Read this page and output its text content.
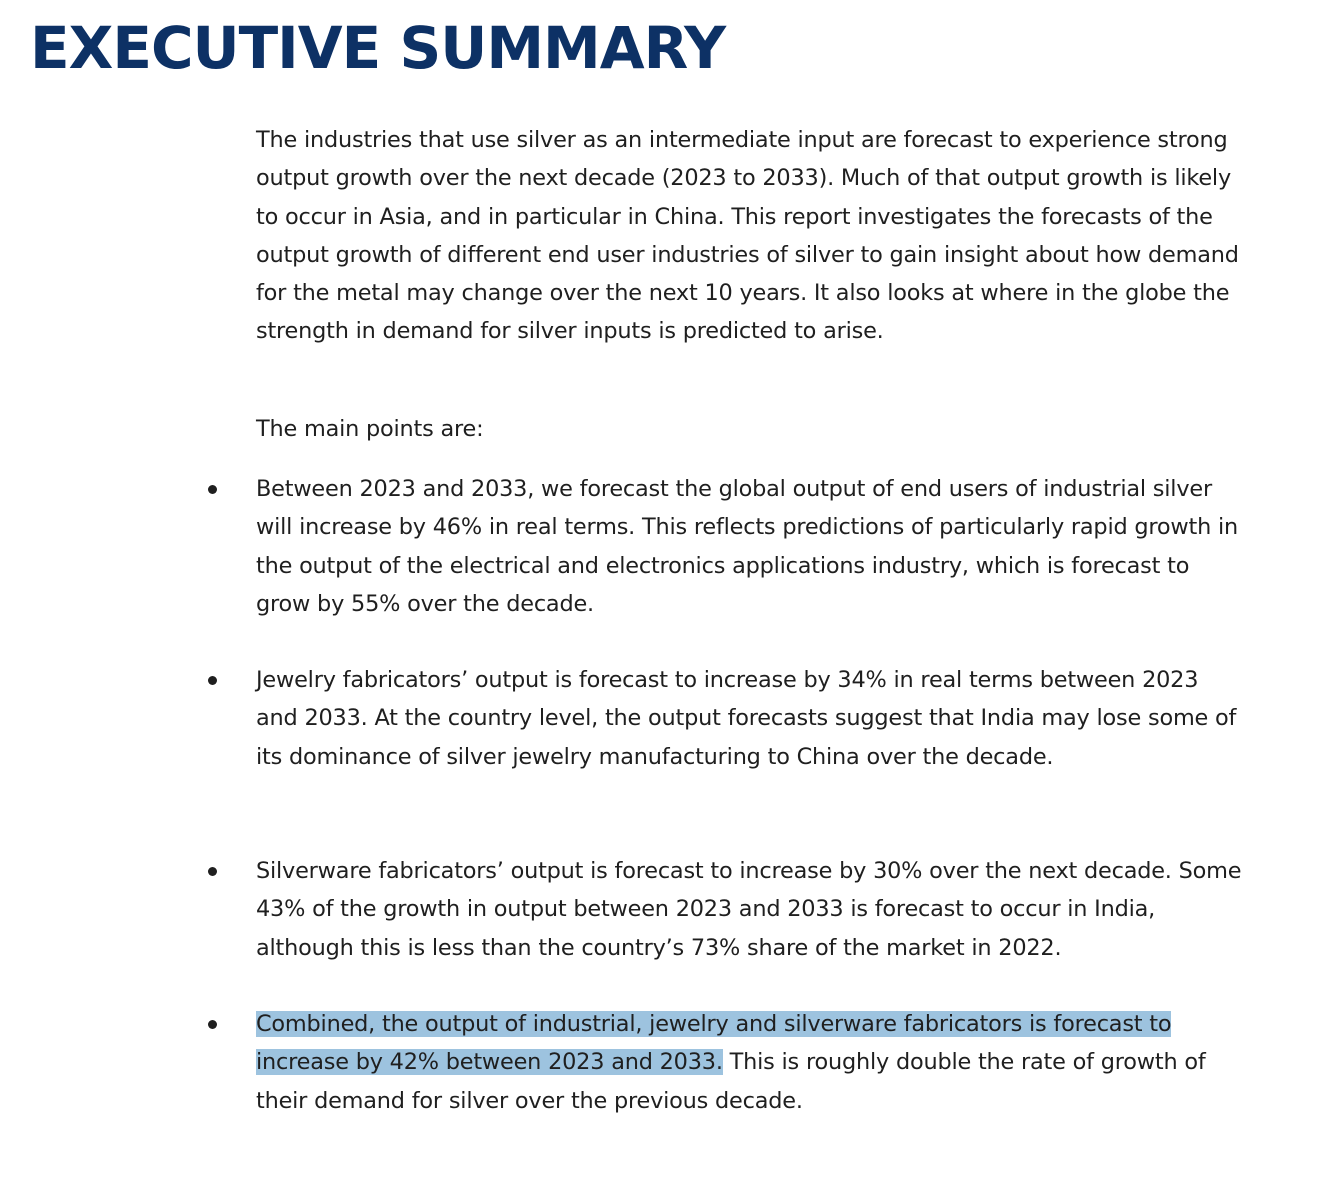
EXECUTIVE SUMMARY

The industries that use silver as an intermediate input are forecast to experience strong output growth over the next decade (2023 to 2033). Much of that output growth is likely to occur in Asia, and in particular in China. This report investigates the forecasts of the output growth of different end user industries of silver to gain insight about how demand for the metal may change over the next 10 years. It also looks at where in the globe the strength in demand for silver inputs is predicted to arise.

The main points are:

Between 2023 and 2033, we forecast the global output of end users of industrial silver will increase by 46% in real terms. This reflects predictions of particularly rapid growth in the output of the electrical and electronics applications industry, which is forecast to grow by 55% over the decade.

Jewelry fabricators’ output is forecast to increase by 34% in real terms between 2023 and 2033. At the country level, the output forecasts suggest that India may lose some of its dominance of silver jewelry manufacturing to China over the decade.

Silverware fabricators’ output is forecast to increase by 30% over the next decade. Some 43% of the growth in output between 2023 and 2033 is forecast to occur in India, although this is less than the country’s 73% share of the market in 2022.

Combined, the output of industrial, jewelry and silverware fabricators is forecast to increase by 42% between 2023 and 2033. This is roughly double the rate of growth of their demand for silver over the previous decade.
